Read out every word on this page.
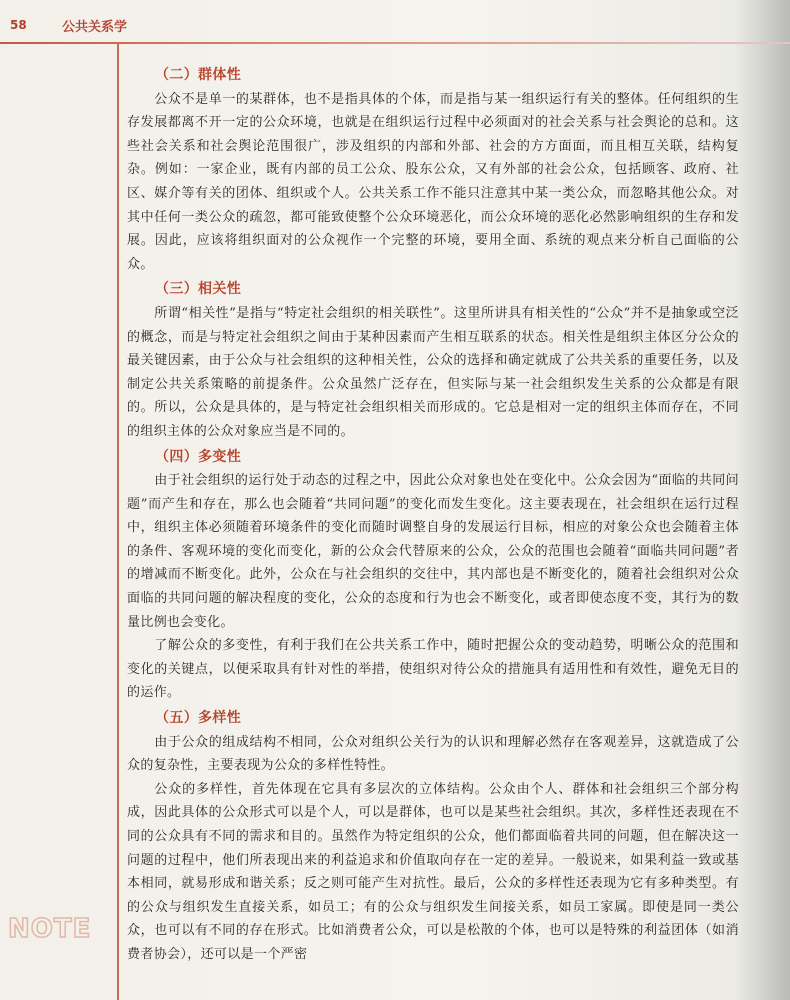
58	公共关系学
（二）群体性

公众不是单一的某群体，也不是指具体的个体，而是指与某一组织运行有关的整体。任何组织的生存发展都离不开一定的公众环境，也就是在组织运行过程中必须面对的社会关系与社会舆论的总和。这些社会关系和社会舆论范围很广，涉及组织的内部和外部、社会的方方面面，而且相互关联，结构复杂。例如：一家企业，既有内部的员工公众、股东公众，又有外部的社会公众，包括顾客、政府、社区、媒介等有关的团体、组织或个人。公共关系工作不能只注意其中某一类公众，而忽略其他公众。对其中任何一类公众的疏忽，都可能致使整个公众环境恶化，而公众环境的恶化必然影响组织的生存和发展。因此，应该将组织面对的公众视作一个完整的环境，要用全面、系统的观点来分析自己面临的公众。

（三）相关性

所谓“相关性”是指与“特定社会组织的相关联性”。这里所讲具有相关性的“公众”并不是抽象或空泛的概念，而是与特定社会组织之间由于某种因素而产生相互联系的状态。相关性是组织主体区分公众的最关键因素，由于公众与社会组织的这种相关性，公众的选择和确定就成了公共关系的重要任务，以及制定公共关系策略的前提条件。公众虽然广泛存在，但实际与某一社会组织发生关系的公众都是有限的。所以，公众是具体的，是与特定社会组织相关而形成的。它总是相对一定的组织主体而存在，不同的组织主体的公众对象应当是不同的。

（四）多变性

由于社会组织的运行处于动态的过程之中，因此公众对象也处在变化中。公众会因为“面临的共同问题”而产生和存在，那么也会随着“共同问题”的变化而发生变化。这主要表现在，社会组织在运行过程中，组织主体必须随着环境条件的变化而随时调整自身的发展运行目标，相应的对象公众也会随着主体的条件、客观环境的变化而变化，新的公众会代替原来的公众，公众的范围也会随着“面临共同问题”者的增减而不断变化。此外，公众在与社会组织的交往中，其内部也是不断变化的，随着社会组织对公众面临的共同问题的解决程度的变化，公众的态度和行为也会不断变化，或者即使态度不变，其行为的数量比例也会变化。

了解公众的多变性，有利于我们在公共关系工作中，随时把握公众的变动趋势，明晰公众的范围和变化的关键点，以便采取具有针对性的举措，使组织对待公众的措施具有适用性和有效性，避免无目的的运作。

（五）多样性

由于公众的组成结构不相同，公众对组织公关行为的认识和理解必然存在客观差异，这就造成了公众的复杂性，主要表现为公众的多样性特性。

公众的多样性，首先体现在它具有多层次的立体结构。公众由个人、群体和社会组织三个部分构成，因此具体的公众形式可以是个人，可以是群体，也可以是某些社会组织。其次，多样性还表现在不同的公众具有不同的需求和目的。虽然作为特定组织的公众，他们都面临着共同的问题，但在解决这一问题的过程中，他们所表现出来的利益追求和价值取向存在一定的差异。一般说来，如果利益一致或基本相同，就易形成和谐关系；反之则可能产生对抗性。最后，公众的多样性还表现为它有多种类型。有的公众与组织发生直接关系，如员工；有的公众与组织发生间接关系，如员工家属。即使是同一类公众，也可以有不同的存在形式。比如消费者公众，可以是松散的个体，也可以是特殊的利益团体（如消费者协会），还可以是一个严密

NOTE
